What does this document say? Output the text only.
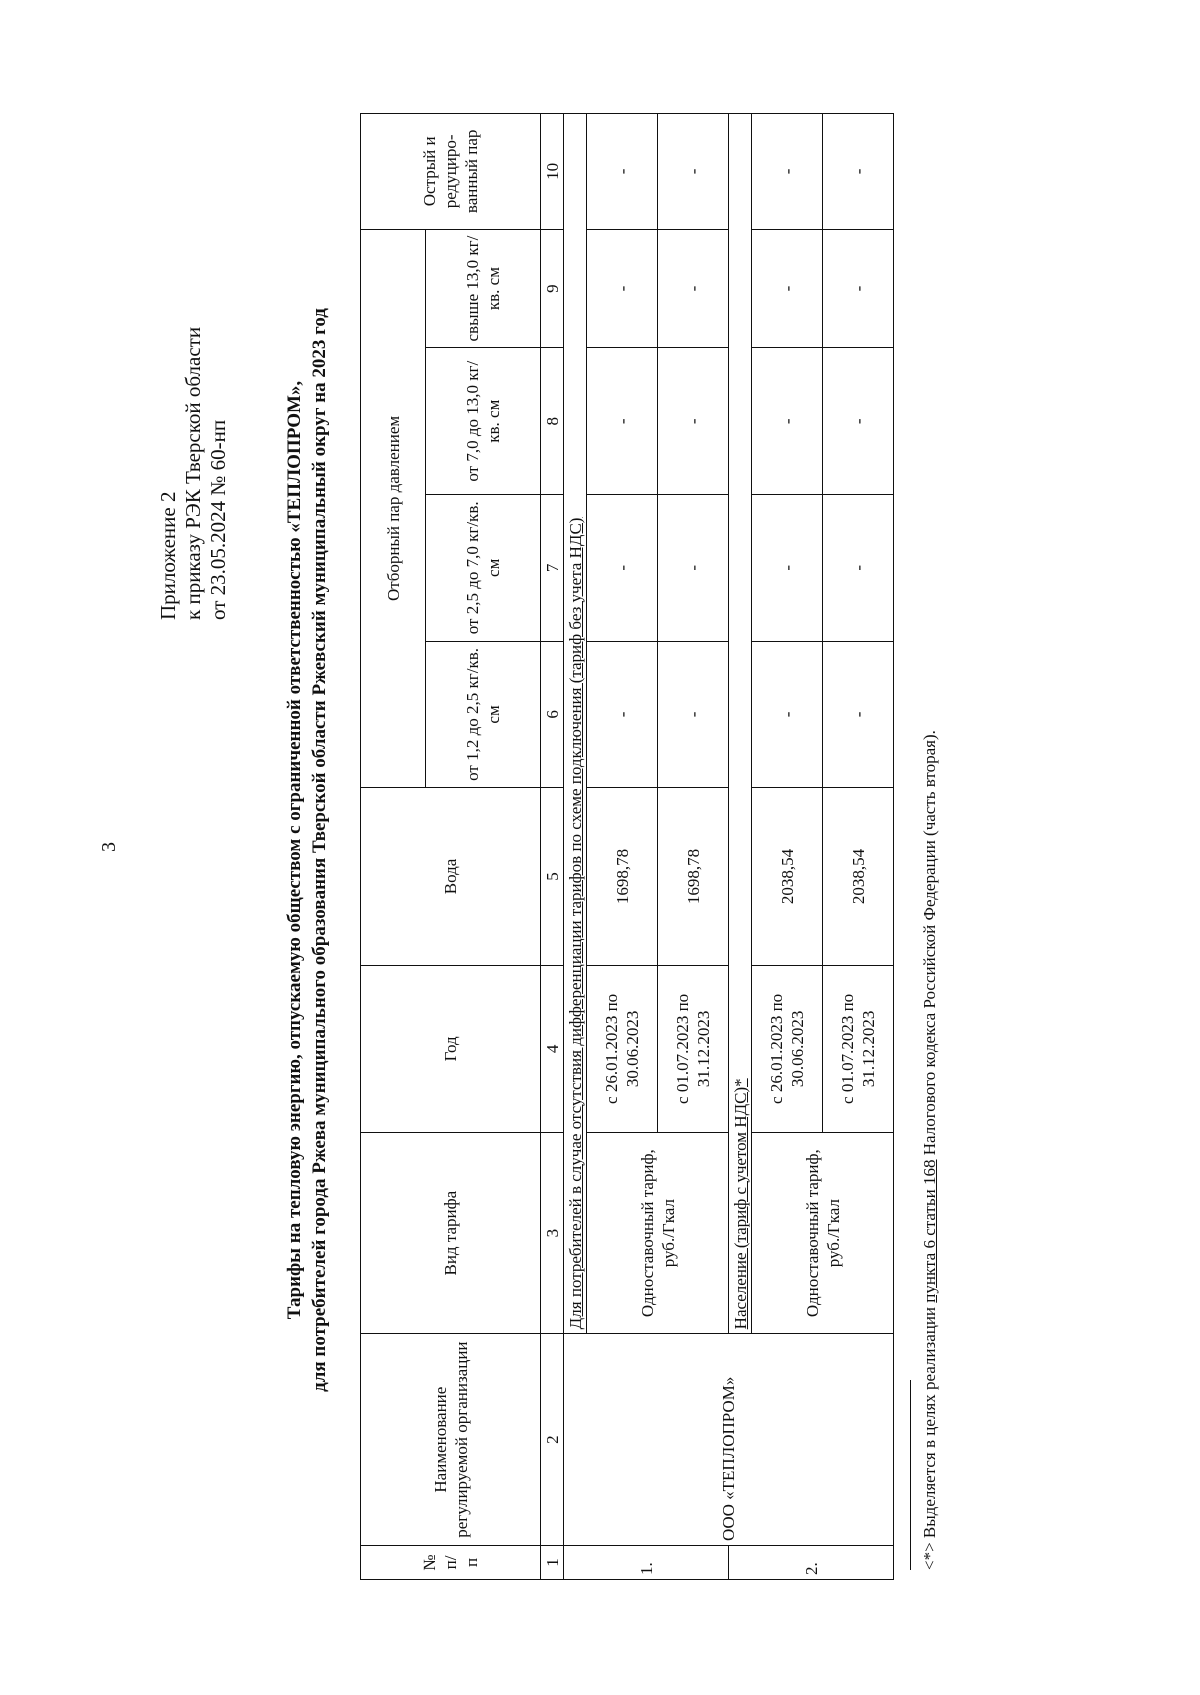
3
Приложение 2 к приказу РЭК Тверской области от 23.05.2024 № 60-нп	Тарифы на тепловую энергию, отпускаемую обществом с ограниченной ответственностью «ТЕПЛОПРОМ», для потребителей города Ржева муниципального образования Тверской области Ржевский муниципальный округ на 2023 год
№ п/ п	Наименование регулируемой организации	Вид тарифа	Год	Вода	Отборный пар давлением				Острый и редуциро-ванный пар
					от 1,2 до 2,5 кг/кв. см	от 2,5 до 7,0 кг/кв. см	от 7,0 до 13,0 кг/кв. см	свыше 13,0 кг/кв. см	
1	2	3	4	5	6	7	8	9	10
1.	ООО «ТЕПЛОПРОМ»	Для потребителей в случае отсутствия дифференциации тарифов по схеме подключения (тариф без учета НДС)							
		Одноставочный тариф, руб./Гкал	с 26.01.2023 по 30.06.2023	1698,78	-	-	-	-	-
			с 01.07.2023 по 31.12.2023	1698,78	-	-	-	-	-
2.		Население (тариф с учетом НДС)*							
		Одноставочный тариф, руб./Гкал	с 26.01.2023 по 30.06.2023	2038,54	-	-	-	-	-
			с 01.07.2023 по 31.12.2023	2038,54	-	-	-	-	-
<*> Выделяется в целях реализации пункта 6 статьи 168 Налогового кодекса Российской Федерации (часть вторая).
